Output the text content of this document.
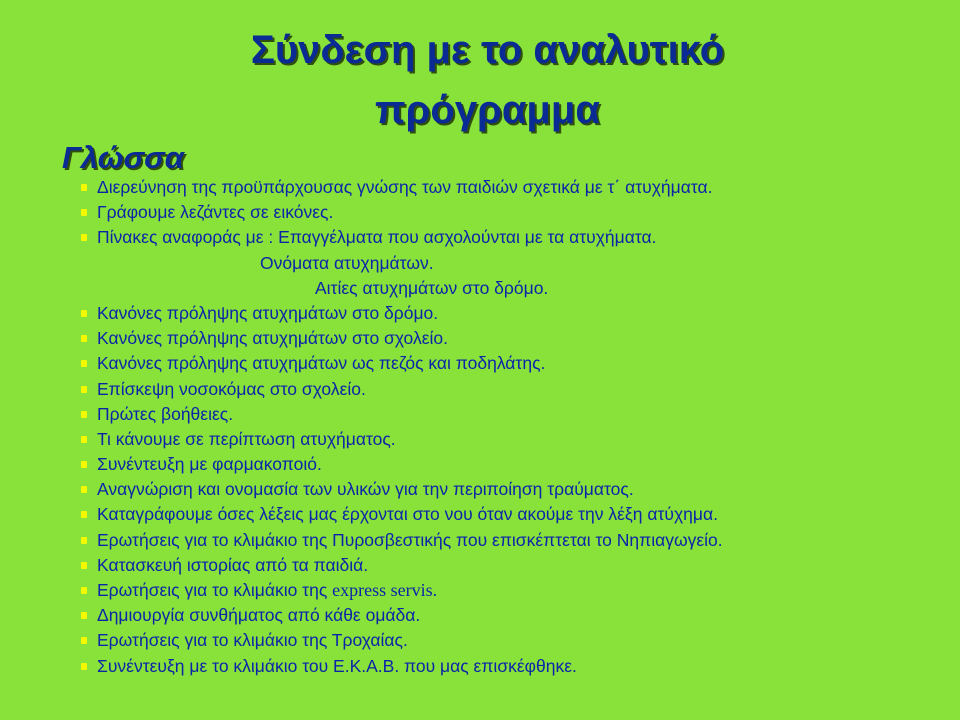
Σύνδεση με το αναλυτικό
πρόγραμμα
Γλώσσα
Διερεύνηση της προϋπάρχουσας γνώσης των παιδιών σχετικά με τ΄ ατυχήματα.
Γράφουμε λεζάντες σε εικόνες.
Πίνακες αναφοράς με : Επαγγέλματα που ασχολούνται με τα ατυχήματα.
Ονόματα ατυχημάτων.
Αιτίες ατυχημάτων στο δρόμο.
Κανόνες πρόληψης ατυχημάτων στο δρόμο.
Κανόνες πρόληψης ατυχημάτων στο σχολείο.
Κανόνες πρόληψης ατυχημάτων ως πεζός και ποδηλάτης.
Επίσκεψη νοσοκόμας στο σχολείο.
Πρώτες βοήθειες.
Τι κάνουμε σε περίπτωση ατυχήματος.
Συνέντευξη με φαρμακοποιό.
Αναγνώριση και ονομασία των υλικών για την περιποίηση τραύματος.
Καταγράφουμε όσες λέξεις μας έρχονται στο νου όταν ακούμε την λέξη ατύχημα.
Ερωτήσεις για το κλιμάκιο της Πυροσβεστικής που επισκέπτεται το Νηπιαγωγείο.
Κατασκευή ιστορίας από τα παιδιά.
Ερωτήσεις για το κλιμάκιο της express servis.
Δημιουργία συνθήματος από κάθε ομάδα.
Ερωτήσεις για το κλιμάκιο της Τροχαίας.
Συνέντευξη με το κλιμάκιο του Ε.Κ.Α.Β. που μας επισκέφθηκε.
